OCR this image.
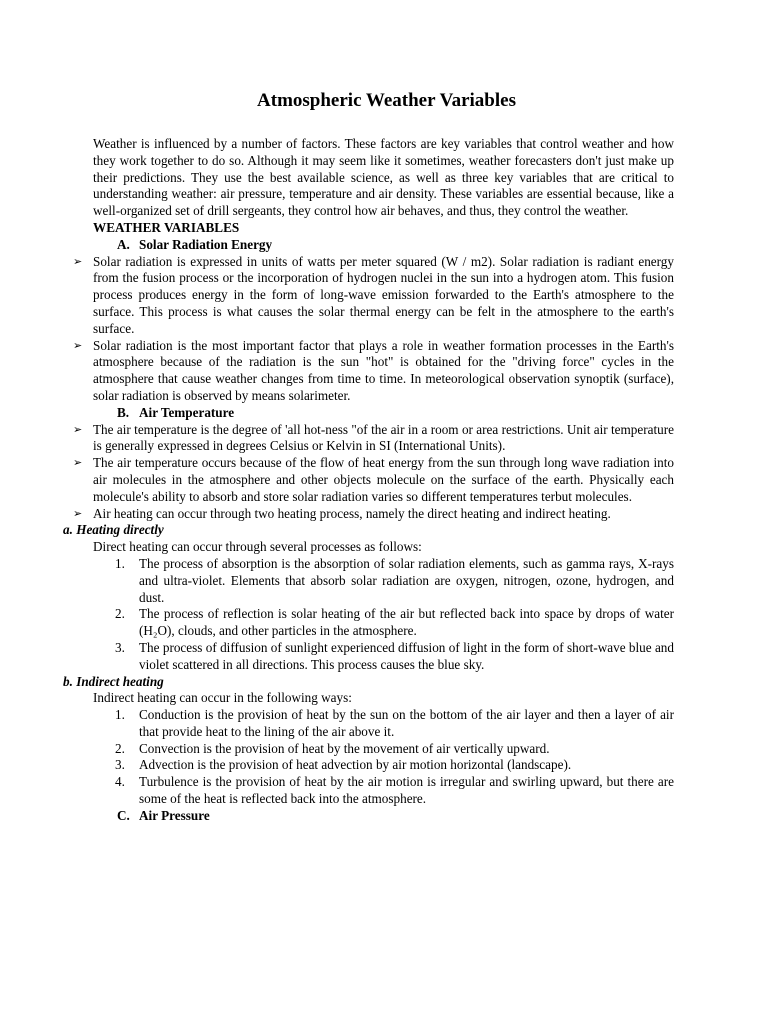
Atmospheric Weather Variables

Weather is influenced by a number of factors. These factors are key variables that control weather and how they work together to do so. Although it may seem like it sometimes, weather forecasters don't just make up their predictions. They use the best available science, as well as three key variables that are critical to understanding weather: air pressure, temperature and air density. These variables are essential because, like a well-organized set of drill sergeants, they control how air behaves, and thus, they control the weather.

WEATHER VARIABLES

A. Solar Radiation Energy

➢ Solar radiation is expressed in units of watts per meter squared (W / m2). Solar radiation is radiant energy from the fusion process or the incorporation of hydrogen nuclei in the sun into a hydrogen atom. This fusion process produces energy in the form of long-wave emission forwarded to the Earth's atmosphere to the surface. This process is what causes the solar thermal energy can be felt in the atmosphere to the earth's surface.
➢ Solar radiation is the most important factor that plays a role in weather formation processes in the Earth's atmosphere because of the radiation is the sun "hot" is obtained for the "driving force" cycles in the atmosphere that cause weather changes from time to time. In meteorological observation synoptik (surface), solar radiation is observed by means solarimeter.

B. Air Temperature

➢ The air temperature is the degree of 'all hot-ness "of the air in a room or area restrictions. Unit air temperature is generally expressed in degrees Celsius or Kelvin in SI (International Units).
➢ The air temperature occurs because of the flow of heat energy from the sun through long wave radiation into air molecules in the atmosphere and other objects molecule on the surface of the earth. Physically each molecule's ability to absorb and store solar radiation varies so different temperatures terbut molecules.
➢ Air heating can occur through two heating process, namely the direct heating and indirect heating.

a. Heating directly

Direct heating can occur through several processes as follows:

1. The process of absorption is the absorption of solar radiation elements, such as gamma rays, X-rays and ultra-violet. Elements that absorb solar radiation are oxygen, nitrogen, ozone, hydrogen, and dust.
2. The process of reflection is solar heating of the air but reflected back into space by drops of water (H₂O), clouds, and other particles in the atmosphere.
3. The process of diffusion of sunlight experienced diffusion of light in the form of short-wave blue and violet scattered in all directions. This process causes the blue sky.

b. Indirect heating

Indirect heating can occur in the following ways:

1. Conduction is the provision of heat by the sun on the bottom of the air layer and then a layer of air that provide heat to the lining of the air above it.
2. Convection is the provision of heat by the movement of air vertically upward.
3. Advection is the provision of heat advection by air motion horizontal (landscape).
4. Turbulence is the provision of heat by the air motion is irregular and swirling upward, but there are some of the heat is reflected back into the atmosphere.

C. Air Pressure
